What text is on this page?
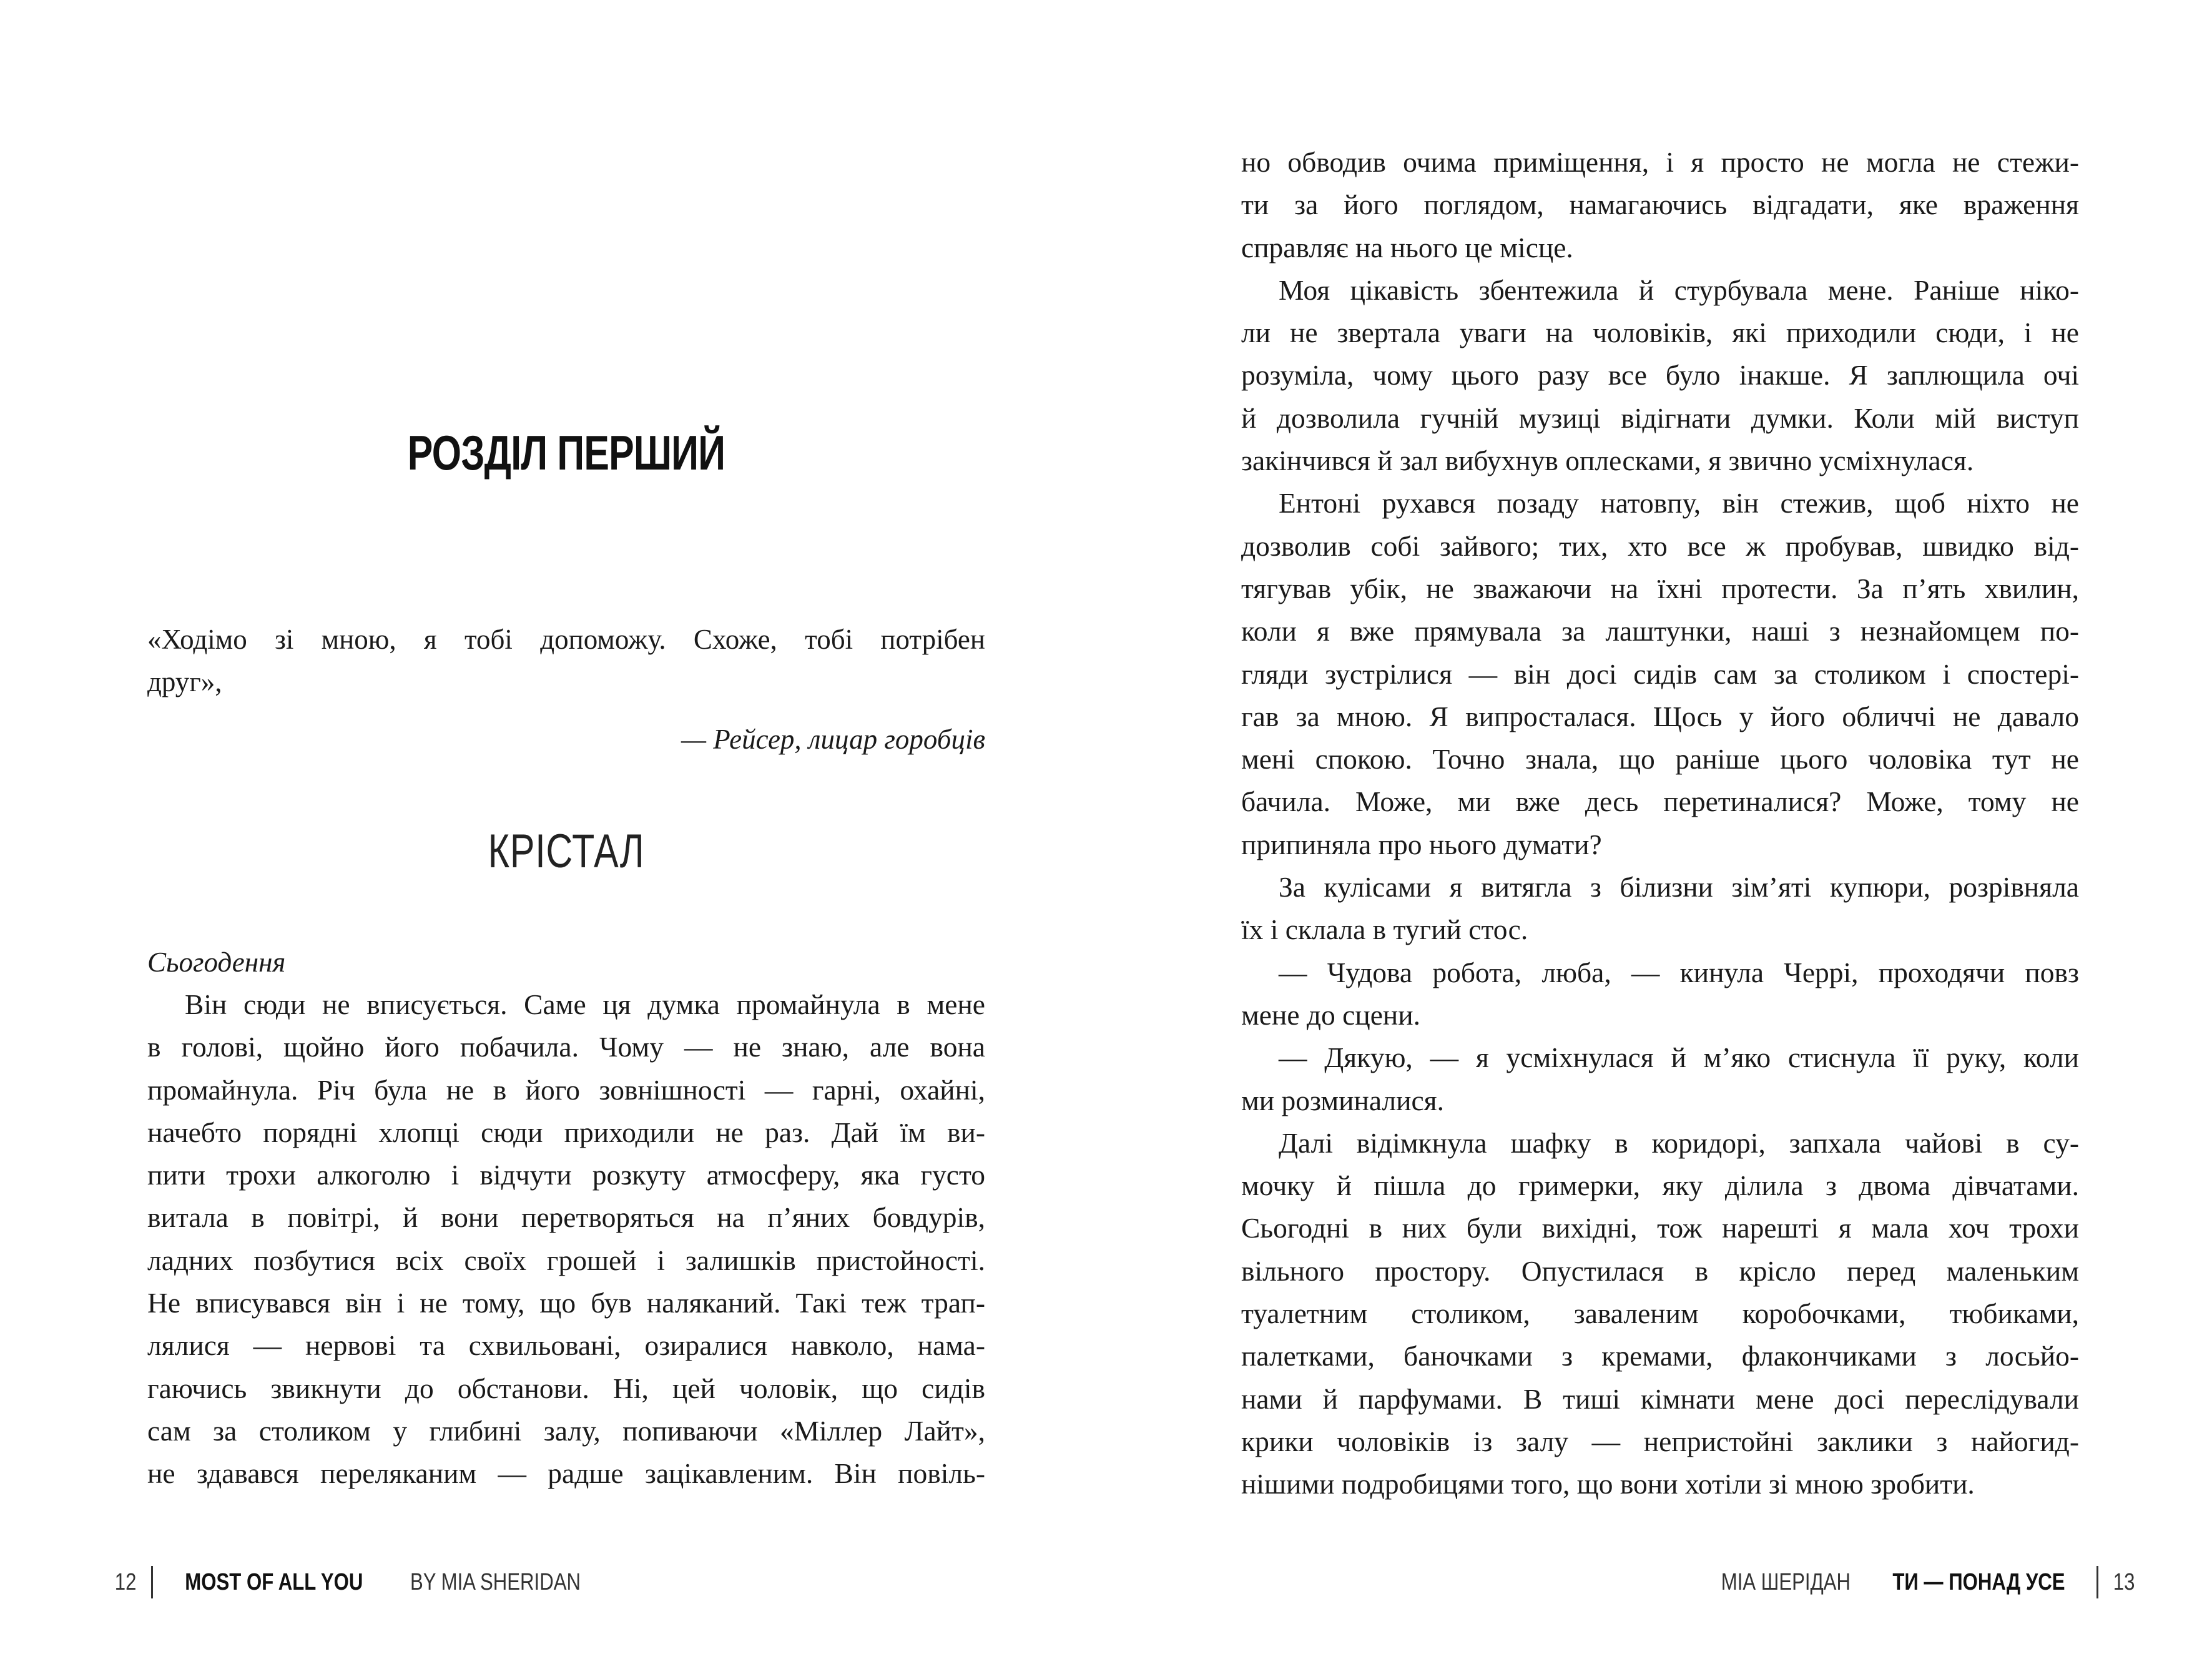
РОЗДІЛ ПЕРШИЙ
«Ходімо зі мною, я тобі допоможу. Схоже, тобі потрібен
друг»,
— Рейсер, лицар горобців
КРІСТАЛ
Сьогодення

Він сюди не вписується. Саме ця думка промайнула в мене
в голові, щойно його побачила. Чому — не знаю, але вона
промайнула. Річ була не в його зовнішності — гарні, охайні,
начебто порядні хлопці сюди приходили не раз. Дай їм ви-
пити трохи алкоголю і відчути розкуту атмосферу, яка густо
витала в повітрі, й вони перетворяться на п’яних бовдурів,
ладних позбутися всіх своїх грошей і залишків пристойності.
Не вписувався він і не тому, що був наляканий. Такі теж трап-
лялися — нервові та схвильовані, озиралися навколо, нама-
гаючись звикнути до обстанови. Ні, цей чоловік, що сидів
сам за столиком у глибині залу, попиваючи «Міллер Лайт»,
не здавався переляканим — радше зацікавленим. Він повіль-

12 MOST OF ALL YOU BY MIA SHERIDAN

но обводив очима приміщення, і я просто не могла не стежи-
ти за його поглядом, намагаючись відгадати, яке враження
справляє на нього це місце.

Моя цікавість збентежила й стурбувала мене. Раніше ніко-
ли не звертала уваги на чоловіків, які приходили сюди, і не
розуміла, чому цього разу все було інакше. Я заплющила очі
й дозволила гучній музиці відігнати думки. Коли мій виступ
закінчився й зал вибухнув оплесками, я звично усміхнулася.

Ентоні рухався позаду натовпу, він стежив, щоб ніхто не
дозволив собі зайвого; тих, хто все ж пробував, швидко від-
тягував убік, не зважаючи на їхні протести. За п’ять хвилин,
коли я вже прямувала за лаштунки, наші з незнайомцем по-
гляди зустрілися — він досі сидів сам за столиком і спостері-
гав за мною. Я випросталася. Щось у його обличчі не давало
мені спокою. Точно знала, що раніше цього чоловіка тут не
бачила. Може, ми вже десь перетиналися? Може, тому не
припиняла про нього думати?

За кулісами я витягла з білизни зім’яті купюри, розрівняла
їх і склала в тугий стос.

— Чудова робота, люба, — кинула Черрі, проходячи повз
мене до сцени.

— Дякую, — я усміхнулася й м’яко стиснула її руку, коли
ми розминалися.

Далі відімкнула шафку в коридорі, запхала чайові в су-
мочку й пішла до гримерки, яку ділила з двома дівчатами.
Сьогодні в них були вихідні, тож нарешті я мала хоч трохи
вільного простору. Опустилася в крісло перед маленьким
туалетним столиком, заваленим коробочками, тюбиками,
палетками, баночками з кремами, флакончиками з лосьйо-
нами й парфумами. В тиші кімнати мене досі переслідували
крики чоловіків із залу — непристойні заклики з найогид-
нішими подробицями того, що вони хотіли зі мною зробити.

МІА ШЕРІДАН ТИ — ПОНАД УСЕ 13
